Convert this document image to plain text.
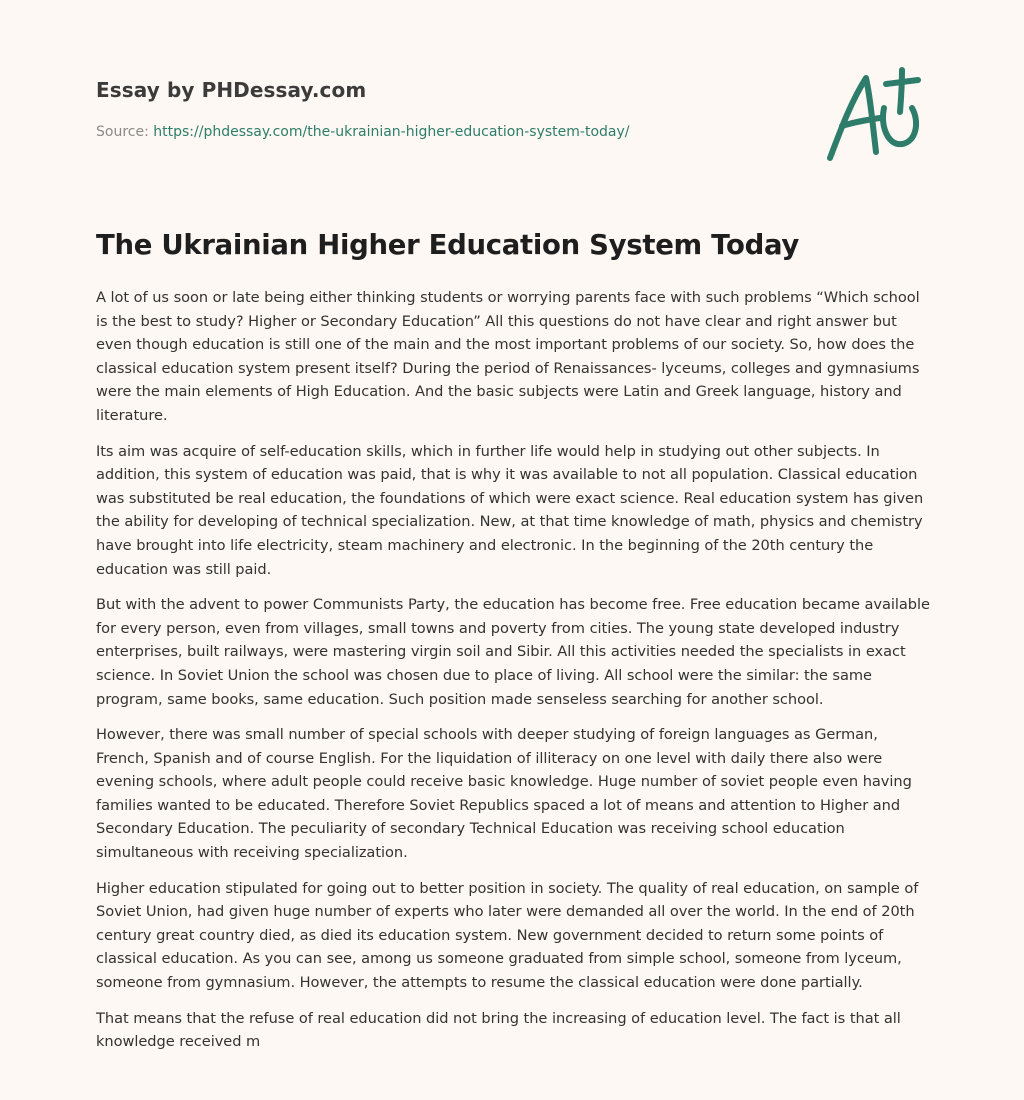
Essay by PHDessay.com

Source: https://phdessay.com/the-ukrainian-higher-education-system-today/
The Ukrainian Higher Education System Today

A lot of us soon or late being either thinking students or worrying parents face with such problems “Which school is the best to study? Higher or Secondary Education” All this questions do not have clear and right answer but even though education is still one of the main and the most important problems of our society. So, how does the classical education system present itself? During the period of Renaissances- lyceums, colleges and gymnasiums were the main elements of High Education. And the basic subjects were Latin and Greek language, history and literature.

Its aim was acquire of self-education skills, which in further life would help in studying out other subjects. In addition, this system of education was paid, that is why it was available to not all population. Classical education was substituted be real education, the foundations of which were exact science. Real education system has given the ability for developing of technical specialization. New, at that time knowledge of math, physics and chemistry have brought into life electricity, steam machinery and electronic. In the beginning of the 20th century the education was still paid.

But with the advent to power Communists Party, the education has become free. Free education became available for every person, even from villages, small towns and poverty from cities. The young state developed industry enterprises, built railways, were mastering virgin soil and Sibir. All this activities needed the specialists in exact science. In Soviet Union the school was chosen due to place of living. All school were the similar: the same program, same books, same education. Such position made senseless searching for another school.

However, there was small number of special schools with deeper studying of foreign languages as German, French, Spanish and of course English. For the liquidation of illiteracy on one level with daily there also were evening schools, where adult people could receive basic knowledge. Huge number of soviet people even having families wanted to be educated. Therefore Soviet Republics spaced a lot of means and attention to Higher and Secondary Education. The peculiarity of secondary Technical Education was receiving school education simultaneous with receiving specialization.

Higher education stipulated for going out to better position in society. The quality of real education, on sample of Soviet Union, had given huge number of experts who later were demanded all over the world. In the end of 20th century great country died, as died its education system. New government decided to return some points of classical education. As you can see, among us someone graduated from simple school, someone from lyceum, someone from gymnasium. However, the attempts to resume the classical education were done partially.

That means that the refuse of real education did not bring the increasing of education level. The fact is that all knowledge received m
